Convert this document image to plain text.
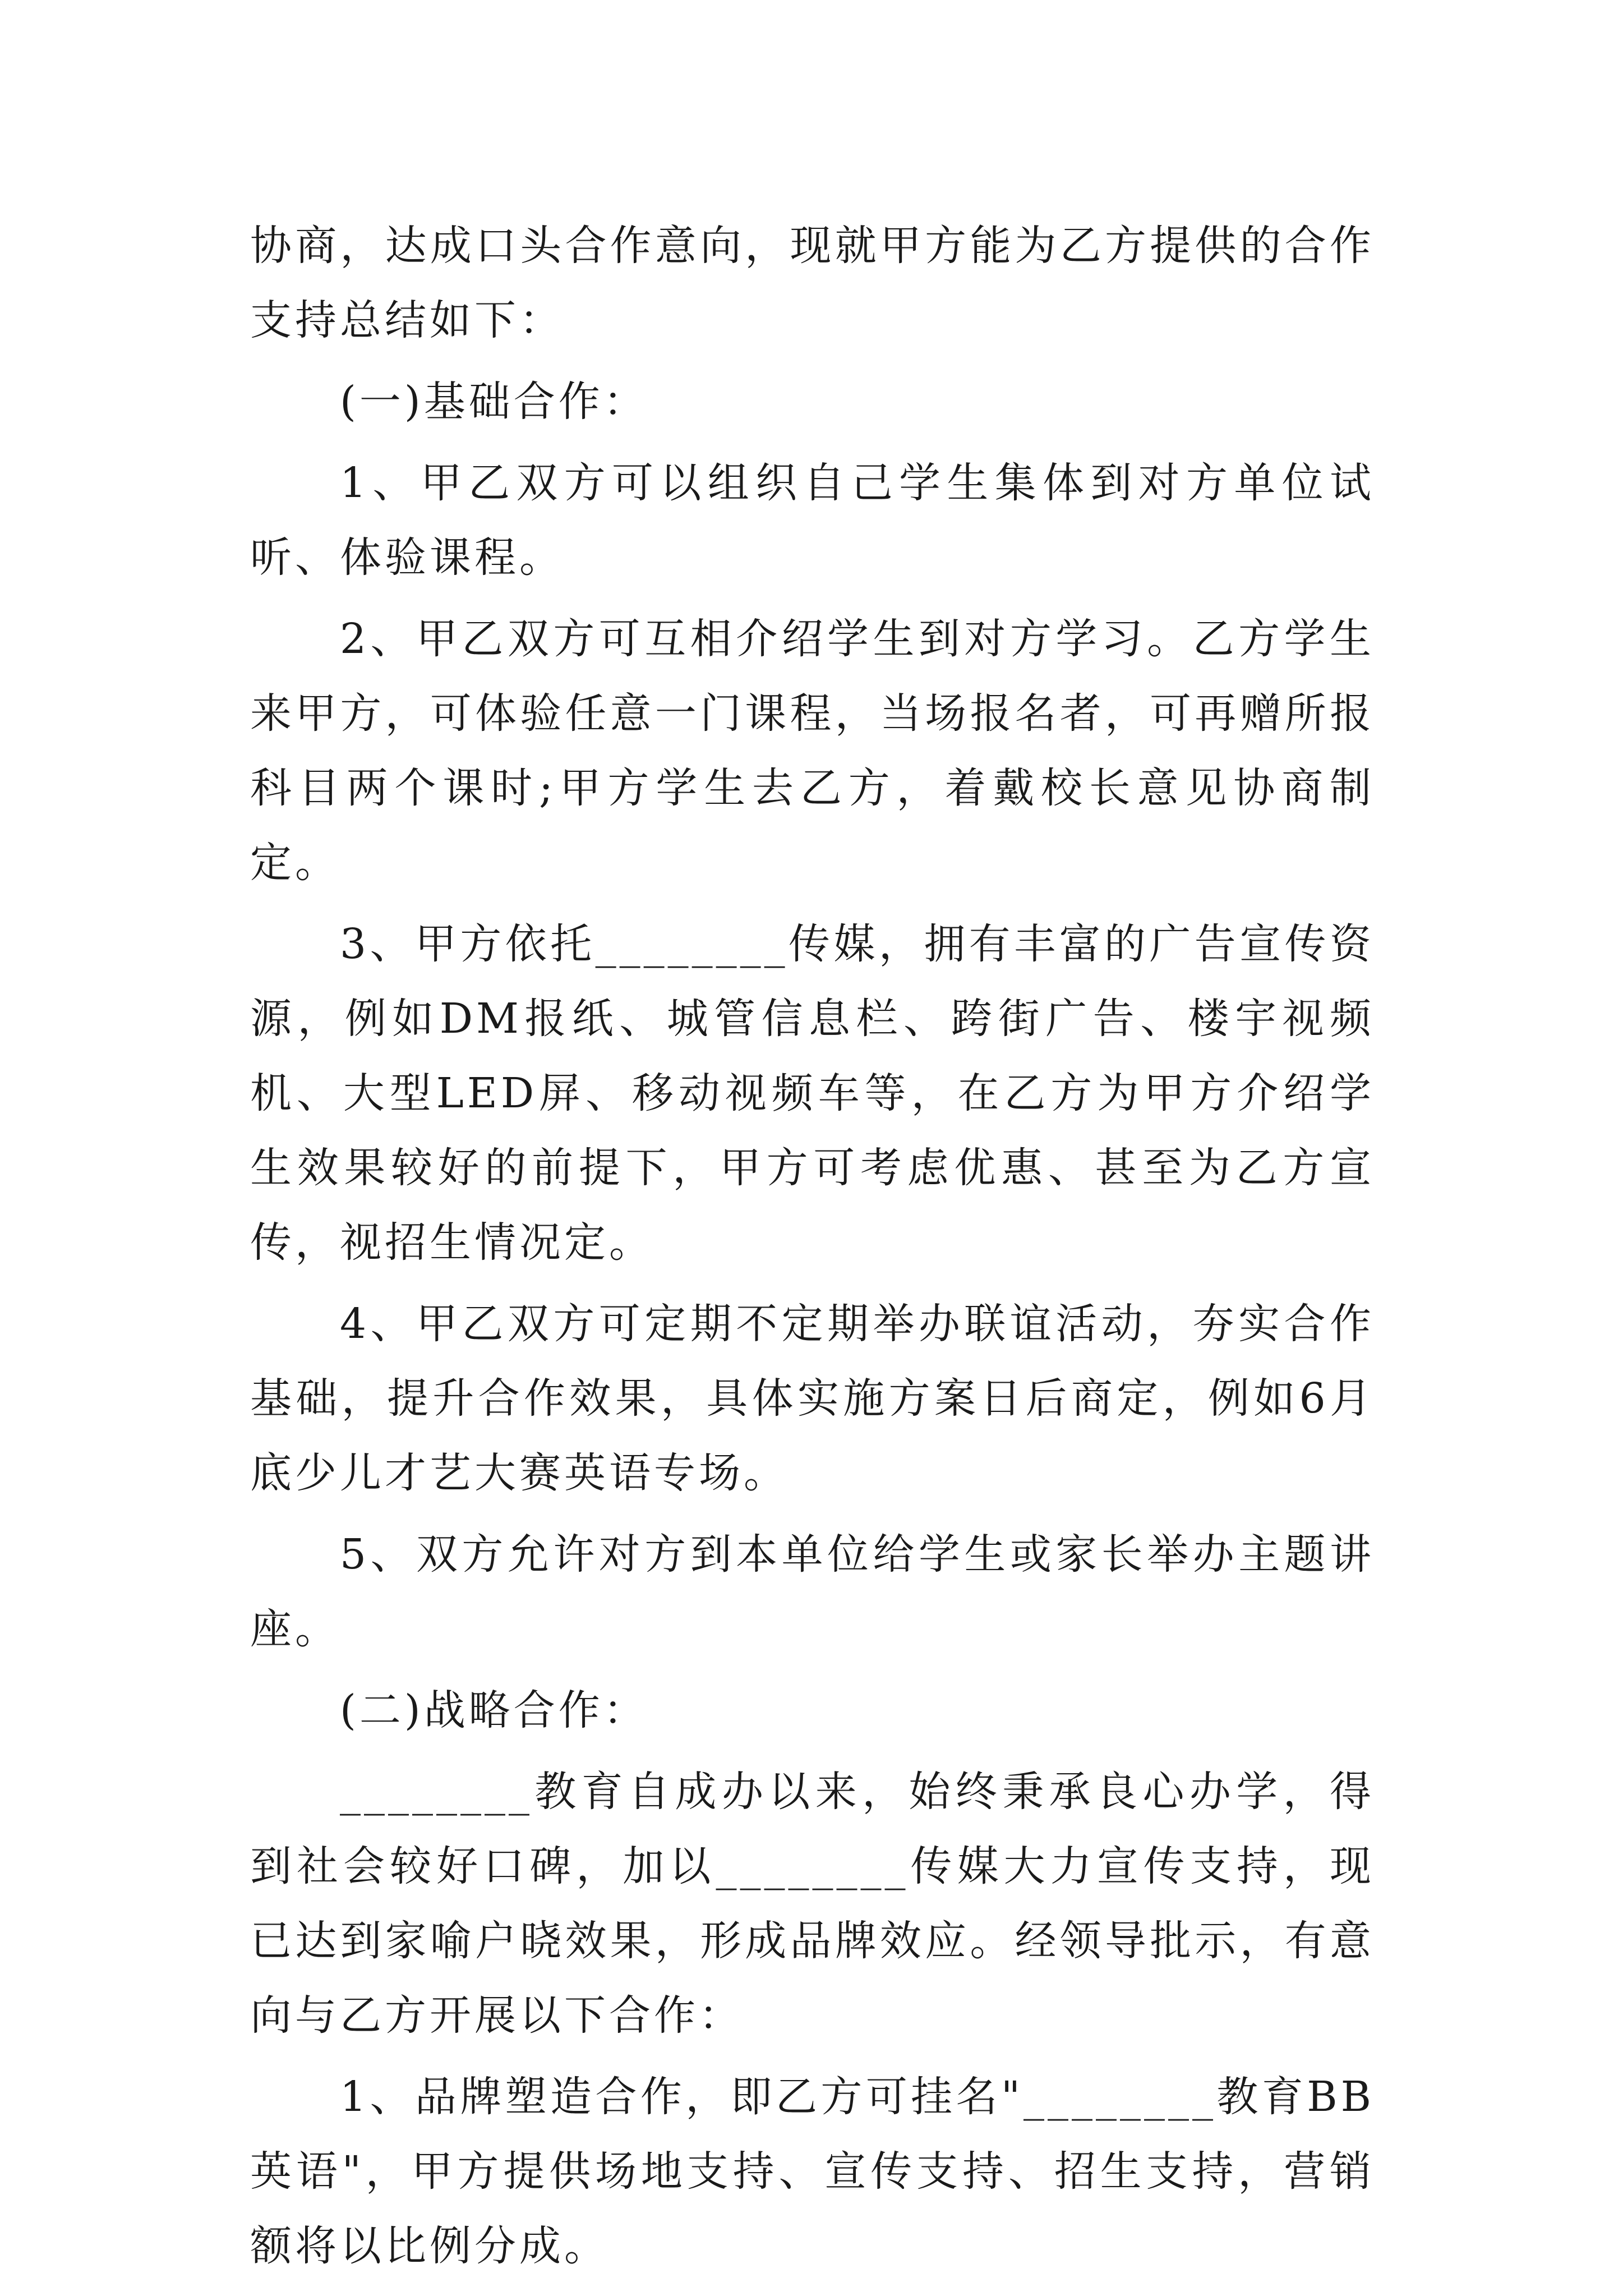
协商，达成口头合作意向，现就甲方能为乙方提供的合作支持总结如下：

(一)基础合作：

1、甲乙双方可以组织自己学生集体到对方单位试听、体验课程。

2、甲乙双方可互相介绍学生到对方学习。乙方学生来甲方，可体验任意一门课程，当场报名者，可再赠所报科目两个课时;甲方学生去乙方，着戴校长意见协商制定。

3、甲方依托________传媒，拥有丰富的广告宣传资源，例如DM报纸、城管信息栏、跨街广告、楼宇视频机、大型LED屏、移动视频车等，在乙方为甲方介绍学生效果较好的前提下，甲方可考虑优惠、甚至为乙方宣传，视招生情况定。

4、甲乙双方可定期不定期举办联谊活动，夯实合作基础，提升合作效果，具体实施方案日后商定，例如6月底少儿才艺大赛英语专场。

5、双方允许对方到本单位给学生或家长举办主题讲座。

(二)战略合作：

________教育自成办以来，始终秉承良心办学，得到社会较好口碑，加以________传媒大力宣传支持，现已达到家喻户晓效果，形成品牌效应。经领导批示，有意向与乙方开展以下合作：

1、品牌塑造合作，即乙方可挂名"________教育BB英语"，甲方提供场地支持、宣传支持、招生支持，营销额将以比例分成。
